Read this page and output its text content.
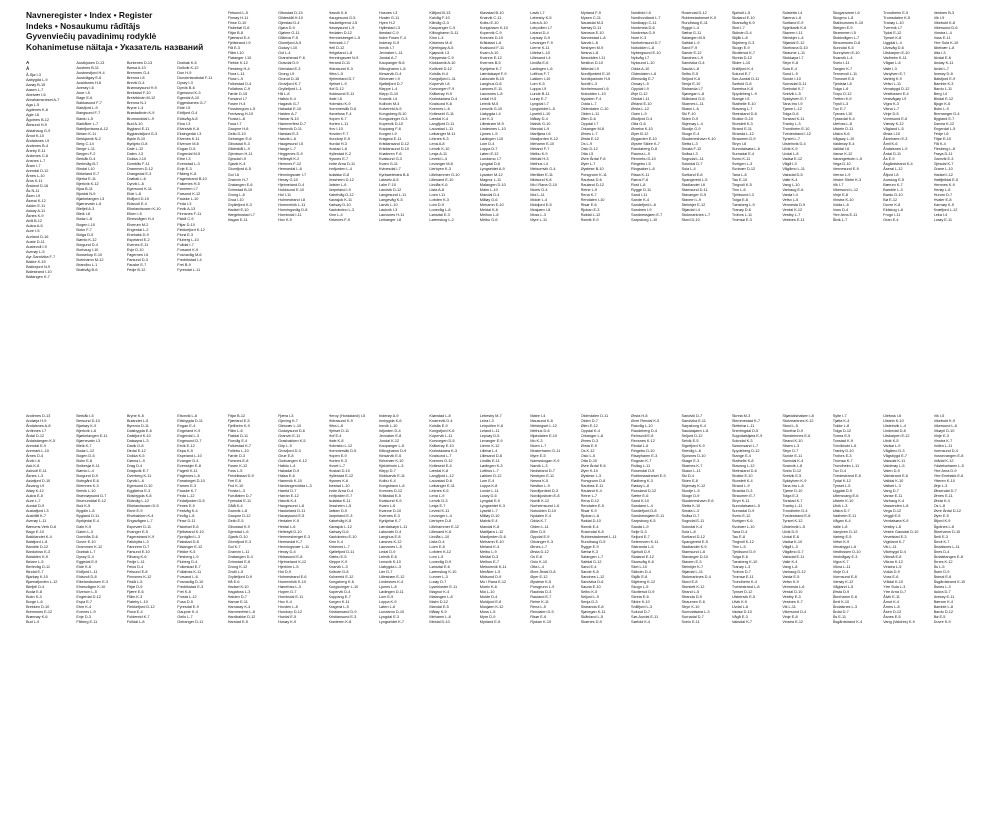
Navneregister • Index • Register
Indeks • Nosaukumu rādītājs
Gyvenviečių pavadinimų rodyklė
Kohanimetuse näitaja • Указатель названий
A
Å
Å-Sjø I-3
Aabygda L-9
Aarøy B-15
Aasen L-7
Abelvær I-6
Abrahamsneset A-7
Aga L-5
Agdenes K-6
Agle I-6
Ågotnes B-12
Ålesund H-9
Alstahaug G-9
Åmot K-10
Åndalsnes I-9
Andenes B-4
Åneby E-11
Ankenes C-6
Ansnes L-7
Åram I-7
Arendal D-12
Årnes L-10
Åros K-11
Årsland D-16
Ås N-11
Åsen I-9
Åseral K-12
Askim E-11
Askøy A-11
Åsnes K-9
Atrå B-12
Aukra A-5
Aure I-5
Aurland D-16
Auste D-11
Austevoll I-9
Averøy L-5
Ayr-Sandvika F-7
Bakke K-15
Bakkejord N-9
Balestrand I-10
Ballangen K-7
Austkjosen D-13
Austnes B-11
Austnesfjord H-4
Austvågøy E-6
Avaldsnes H-6
Averøy I-6
Aure I-5
Bagn E-6
Bakkasund F-7
Balsfjord L-9
Bangsund F-7
Bardu L-5
Barkåker L-7
Batnfjordsøra A-12
Beiarn K-11
Bekkjarvik N-2
Berg C-14
Berge L-11
Bergen F-2
Berkåk D-4
Berlevåg B-7
Bindal I-10
Birkeland E-7
Bjerka E-11
Bjerkvik K-12
Bjoa B-11
Bjordal N-9
Bjørkelangen I-3
Bjørnevatn L-6
Blefjell A-3
Bleik I-8
Bodø L-8
Bogen I-10
Bokn F-7
Bolga D-5
Bømlo K-12
Borgund D-4
Borhaug I-10
Bossekop E-10
Botnhamn M-12
Brandbu L-1
Brattvåg B-6
Borkenes D-13
Børsa A-10
Bremnes G-4
Brenna I-8
Brevik D-4
Brønnøysund H-9
Brekstad F-10
Breivikbotn M-12
Brenna N-1
Bryne L-4
Brøstadbotn K-9
Brumunddal L-9
Bud A-10
Bygland E-11
Byglandsfjord G-3
Bykle B-10
Byrkjelo D-8
Dale L-12
Dalen J-3
Dokka J-10
Dombås F-11
Drammen D-12
Drangedal E-3
Drøbak L-6
Dyrvik L-6
Egersund K-11
Eide L-8
Eidfjord D-15
Eidsvoll E-4
Eikelandsosen K-10
Eiken I-5
Elnesvågen H-4
Elverum M-2
Engerdal L-2
Enebakk D-9
Espeland E-2
Evenes E-11
Evje D-10
Fagernes I-6
Farsund D-3
Fauske E-7
Fedje B-12
Drøbak K-5
Dulkvik K-12
Dun H-9
Dunderlandsdal F-11
Dyrøy I-3
Dyrvik B-6
Egersund K-3
Egerdal A-10
Eggesbønes G-7
Eide I-5
Eidfjord G-4
Eidsvåg A-8
Eina I-3
Eivindvik K-6
Eksingedal I-3
Elvenes K-11
Elverum M-8
Engan D-5
Engerdal M-5
Etne I-3
Evenstad L-3
Evje E-3
Fåberg K-8
Fagerstrand B-10
Falkenes H-5
Fannrem I-7
Farsund K-12
Fauske L-10
Feda I-3
Fevik A-13
Finnsnes F-11
Fiskå C-9
Fitjar D-10
Flekkefjord K-12
Florø E-3
Fluberg L-10
Folldal I-7
Forsand K-9
Fosnavåg M-6
Fredrikstad I-4
Frei B-9
Fyresdal L-11
Fetsund L-5
Finnøy H-11
Finse D-10
Fiskebøl G-6
Fitjar B-8
Fjærland E-4
Fjellstrand I-9
Flå E-3
Flåm I-10
Flatanger I-10
Flekke K-12
Flesberg H-4
Flora L-11
Florø L-9
Folkestad D-4
Follafoss C-9
Førde D-15
Forsand I-7
Fosen H-4
Fossbergom L-5
Fredvang H-10
Frosta L-8
Fusa I-7
Gaupne H-8
Geilo D-10
Geiranger E-6
Gibostad K-3
Gildeskål L-9
Gjerdrum H-11
Gjesdal I-9
Gjøvik K-4
Glomfjord A-5
Gol I-6
Granvin H-7
Gratangen E-6
Grimstad B-10
Grong L-6
Grua I-10
Gryllefjord K-3
Hadsel E-10
Hægebostad I-7
Hagan E-11
Gibostad D-13
Gildeskål H-10
Gjerstad D-4
Gjøra D-9
Gjølme G-11
Glåmos F-5
Glomfjord A-5
Godøy I-10
Gol L-4
Gransherad F-6
Gravdal D-9
Grimstad E-3
Grong I-9
Grorud D-15
Grovfjord K-7
Gryllefjord L-1
Hå L-8
Hafslo K-4
Hagavik G-7
Hakadal E-10
Halden A-7
Hamar N-10
Hammerfest D-7
Hamnvik D-11
Harstad E-3
Hasvik L-6
Haugesund I-5
Hauge L-7
Heggenes D-9
Hellesylt K-2
Hemnes F-12
Hemsedal L-6
Henningsvær I-7
Herøy G-10
Hjelmeland D-4
Hokksund E-10
Hol I-11
Holmestrand I-8
Hommelvik L-11
Honningsvåg D-8
Hornindal I-11
Hov K-9
Hasvik K-6
Haugesund G-5
Haukeligrend J-5
Havøysund L-9
Hedalen D-12
Hemnesberget L-5
Heimdal J-7
Hell D-12
Helgeland L-8
Henningsvær N-9
Herand D-11
Hidrasund K-3
Hitra L-5
Hjelmeland D-7
Hjelset L-9
Hof D-12
Hokksund E-11
Høle I-6
Holmsbu K-9
Hommersåk D-6
Hønefoss F-4
Hopen K-7
Horten L-11
Hov I-10
Hovden F-7
Hundorp E-5
Hurdal H-3
Hustad L-6
Hyllestad K-2
Hysnes E-7
Indre Arna D-11
Innfjorden L-4
Isdalstø G-8
Jessheim D-12
Jølster L-6
Jørpeland I-9
Kabelvåg D-12
Karasjok K-11
Karlsøy D-10
Kautokeino L-3
Kinn L-4
Kirkenes F-9
Husnes I-3
Hvaler G-11
Hyen H-2
Hyllestad I-3
Ibestad C-9
Indre Fosen F-4
Inderøy G-9
Innvik I-7
Jevnaker L-11
Jondal A-7
Kaupanger B-6
Kilboghamn L-8
Kinsarvik D-4
Kirkenær I-9
Kjøllefjord D-7
Kleppe L-4
Klepp G-10
Knarvik I-4
Kolbotn M-4
Kolvereid A-9
Kongsberg B-10
Kongsvinger G-3
Kopervik D-10
Koppang F-6
Korgen I-9
Kragerø E-11
Kristiansand D-12
Kristiansund D-10
Krøderen F-6
Kvalsund G-3
Kvam G-11
Kvinesdal I-7
Kyrksæterøra B-6
Lakselv A-5
Lalm F-10
Landvik D-12
Langesund L-11
Langevåg K-5
Larvik L-10
Laukvik I-3
Lauvsnes H-11
Leikanger I-8
Kåfjord B-13
Kalvåg F-10
Kårvåg G-3
Kaupanger C-9
Kilboghamn D-11
Kinn L-4
Kirkenes M-8
Kjerringøy A-5
Kjøpsvik I-3
Kleppestø C-9
Klokkarvik A-10
Kolltveit D-12
Kolsås H-4
Kongsfjord L-11
Kopervik I-8
Korsvegen F-9
Kråkerøy H-9
Krokstadøra D-4
Kvalsund K-6
Kvernes L-6
Kviteseid G-11
Lærdal K-4
Langfjord D-11
Lauvstad L-11
Leikanger M-11
Leknes K-3
Lena A-8
Lenvik K-10
Lesja A-11
Leveld L-4
Levanger M-8
Lierbyen K-3
Lillehammer G-10
Lillesand E-10
Lindås K-6
Lista A-8
Loen I-11
Lofoten K-3
Lom D-9
Lonevåg L-8
Lønsdal E-3
Lørenskog L-2
Kløvstad B-10
Knarvik C-11
Kolbu E-10
Kongshavn K-10
Kopervik C-9
Korsnes D-10
Kråkstad L-6
Kvalsund F-11
Kvam A-10
Kvanne E-12
Kvernes B-5
Kyrkjebø K-7
Lærdalsøyri F-9
Laksvatn B-10
Langhus D-8
Larsnes E-11
Lauvsnes L-8
Ledal H-5
Leirvik M-5
Lensvik G-10
Liabygda I-4
Lier K-3
Lillestrøm M-9
Lindesnes L-10
Ljones L-5
Lødingen I-10
Lom D-4
Loppa D-7
Løten E-12
Lundamo I-7
Lyngdal D-6
Lyngseidet A-9
Lysaker M-12
Magnor L-11
Malangen D-10
Malm L-10
Mandal D-4
Måløy G-6
Mehamn E-10
Meldal K-6
Melhus L-8
Melbu G-6
Lavik I-7
Lebesby K-5
Leira A-10
Leirpollen I-7
Leland D-4
Lepsøy G-9
Levanger F-9
Lierne K-11
Lillebø L-10
Lillesand I-4
Lindås E-6
Lødingen L-6
Lofthus F-7
Løkken I-10
Lom K-5
Loppa I-9
Lunde B-11
Lurøy E-7
Lyngdal I-7
Lyngseidet L-5
Lysekil L-10
Måløy D-4
Malvik G-10
Mandal L-9
Marifjøra I-6
Masfjorden K-12
Mehamn E-10
Meland F-7
Melbu K-9
Meldal H-3
Melhus I-4
Melsomvik G-4
Meråker E-11
Midsund K-8
Mo i Rana G-10
Moelv D-4
Moi L-11
Molde L-4
Moldjord E-5
Mosjøen I-8
Moss L-3
Myre L-11
Myrland F-9
Mysen C-11
Naustdal M-3
Nærøy D-11
Namsos E-10
Nannestad L-8
Narvik L-8
Nesbyen M-9
Nesna L-8
Nesodden I-11
Nesttun D-10
Nittedal I-9
Nordfjordeid E-10
Nordkjosbotn H-5
Nordli L-3
Norheimsund I-6
Notodden L-10
Nydalen F-4
Odda L-7
Olderdalen C-10
Olden L-11
Ølen D-6
Oppdal I-7
Orkanger M-8
Ørnes L-7
Ørsta E-12
Os L-9
Oslo D-12
Otta I-5
Øvre Årdal F-6
Øyer L-7
Øystese B-10
Porsgrunn K-11
Raufoss D-6
Rauland D-12
Reine L-9
Rena K-7
Rendalen I-10
Risør E-6
Rjukan E-3
Røldal L-12
Rørvik E-9
Nordfold I-6
Nordhordland L-7
Nordkapp C-11
Nordmela D-6
Nordreisa G-9
Nore K-3
Norheimsund D-7
Notodden L-8
Nybergsund E-10
Nykvåg I-7
Nyksund L-10
Odda A-10
Olderdalen L-6
Ølensvåg E-7
Onsøy L-5
Oppdal I-9
Ørje D-12
Orkdal I-11
Ørland E-10
Ørsta L-12
Osen L-9
Øksfjord D-4
Otta G-6
Øvrebø K-10
Øyer B-12
Øygarden E-10
Øystre Slidre K-7
Randaberg D-8
Rauma L-9
Rennebu D-10
Ringebu I-5
Ringsaker L-8
Rissa K-11
Røros F-6
Rost L-8
Rygge D-11
Sand I-11
Sande K-4
Sandefjord L-6
Sandnes I-9
Sandnessjøen E-7
Sarpsborg L-10
Rosendal D-12
Rubbestadneset K-9
Rundhaug E-11
Rygge L-4
Sæbø G-11
Salangen M-5
Saltdal L-9
Sand F-9
Sande E-12
Sandnes L-9
Sandvika G-4
Sauda L-8
Selbu E-5
Seljord K-6
Senja E-10
Sistranda I-7
Sjøvegan L-8
Skånland D-5
Skarnes L-11
Skaun L-6
Ski F-10
Skien D-9
Skjervøy L-4
Skodje G-9
Skogn E-4
Skudeneshavn K-10
Sletta L-3
Smøla F-12
Snåsa I-3
Sogndal L-11
Sokndal D-7
Sola L-4
Sortland E-8
Spangereid L-5
Stadlandet I-6
Stamsund D-11
Stavanger G-5
Stavern L-9
Steinkjer E-12
Stjørdal I-4
Stokmarknes L-7
Stord D-10
Sjøholt L-5
Skaland E-10
Skarsvåg K-9
Skei I-7
Skibotn D-4
Skjåk L-8
Skjeberg G-3
Skogn E-9
Skotterud K-7
Skreia D-12
Slidre L-10
Snillfjord K-4
Solund E-7
Sør-Aurdal D-11
Sørfold G-8
Sørreisa K-6
Spydeberg L-9
Stange I-5
Stathelle E-10
Stavang L-7
Steinsland D-8
Stokke G-10
Storslett K-3
Strand E-11
Stranda L-12
Straumen D-9
Stryn I-8
Sunndalsøra L-6
Surnadal E-4
Sveio K-11
Svelgen L-3
Svolvær D-12
Tana L-8
Tau E-10
Tingvoll K-5
Tinn L-6
Tjeldsund I-3
Tolga E-8
Tønsberg L-9
Tranøy D-6
Trofors L-11
Tromsø E-3
Solsletta I-4
Sømna L-6
Sortland E-9
Spjelkavik K-6
Stavern I-11
Steinkjer L-4
Stjørdal E-12
Storfosna D-10
Straume L-11
Stokkøya I-7
Stryn K-8
Sula E-4
Sund L-9
Sunde I-10
Surnadal D-11
Sveindal K-7
Svelvik L-5
Sykkylven E-7
Tana bru I-9
Tjøme L-12
Tolga D-6
Tonstad K-11
Tranby L-3
Trondheim E-10
Tvedestrand I-12
Tynset L-7
Ulsteinvik D-4
Ulvik K-9
Uvdal L-8
Vadsø E-12
Vågå I-3
Vågåmo L-11
Vaksdal D-5
Valle K-4
Vang L-10
Varhaug E-6
Vardø I-4
Vefsn L-5
Vennesla D-9
Verdal K-12
Vestby L-7
Vestnes E-11
Skoganvarre I-6
Skogmo L-8
Stabbursnes K-10
Steigen E-9
Strømmen I-5
Stokkvågen L-7
Straumsnes D-8
Sunndal K-5
Sunnylven E-10
Svanvik L-4
Sveio I-11
Tangen K-7
Tennevoll L-11
Tinnoset E-5
Tjeldstø I-8
Tolga L-6
Torpo D-12
Tretten K-9
Trysil L-3
Tuv E-7
Tysnes I-10
Tyssedal K-4
Ulefoss L-8
Ulstein D-11
Utsira K-6
Vågsøy L-10
Valderøy E-4
Valldal I-6
Vanse K-12
Varangerbotn L-5
Vega D-10
Vennesund E-9
Verran L-9
Vestre Slidre K-3
Vik I-7
Vikersund L-12
Vinje E-8
Vinstra K-10
Volda L-6
Voss D-4
Ytre Arna E-11
Ålvik L-7
Trondheim E-9
Tromsdalen K-5
Tranøy L-10
Tverrvik I-7
Tydal E-12
Tynset K-8
Uggdal L-4
Ulvsvåg D-6
Utskarpen E-10
Vadheim K-11
Vågan L-6
Valle I-3
Vanylven E-7
Varteig K-9
Vefsn L-11
Venabygd D-12
Vestfossen E-4
Vestvågøy I-9
Vigra K-3
Vikna L-7
Vinje D-5
Vormsund E-6
Værøy K-12
Vågland L-5
Ørsta I-10
Åkrehamn E-3
Åmli K-6
Åndalsnes L-9
Årdal D-11
Ås E-9
Åsgårdstrand K-4
Åseral L-12
Åfjord I-8
Aurskog E-5
Bærum K-7
Bamble L-3
Bardu D-10
Bø E-12
Dovre K-8
Eidskog L-6
Frogn I-11
Gran E-4
Vestnes B-3
Vik I-9
Vikebukt K-8
Vikersund D-6
Vinstra L-4
Voss E-11
Ytre Sula K-10
Abelvær L-8
Alta I-3
Alvdal E-6
Andøy K-11
Ardal L-7
Averøy D-8
Balsfjord E-9
Bamble K-3
Bardu L-11
Berg I-4
Bindal E-12
Bjugn K-6
Bokn L-9
Bremanger D-4
Bygland E-7
Dønna K-12
Engerdal L-5
Fedje I-6
Fitjar E-10
Flå K-4
Flesberg L-8
Frøya D-11
Gamvik E-3
Gjesdal K-7
Grane L-10
Hadsel I-12
Hattfjelldal E-5
Hemnes K-9
Herøy L-6
Hurum D-7
Hvaler E-8
Karmøy K-5
Kvæfjord L-12
Leka I-4
Lurøy E-11
Andenes D-13
Andørja H-9
Åndalsnes A-8
Anfinnes I-7
Årdal D-12
Årdalstangen K-5
Arendal E-9
Aremark L-10
Årnes D-4
Årvik I-6
Ask K-8
Askvoll E-11
Åsnes L-3
Astafjord D-10
Åsvang I-9
Atløy K-12
Aukra E-5
Aure L-7
Aurdal D-9
Austafjord I-3
Austrått K-7
Averøy L-11
Bærums Verk D-6
Bagn E-10
Bakklandet K-4
Balsfjord L-8
Bamble D-12
Bardufoss E-3
Batalden K-9
Beiarn L-5
Berlevåg D-11
Bindal E-7
Bjarkøy K-10
Bjørnafjorden L-12
Blefjell D-4
Bodø E-8
Bokn K-3
Borge L-6
Brekken D-10
Bremsnes E-12
Brønnøy K-6
Bud L-9
Berkåk I-5
Bersund D-10
Bjarkøy K-9
Bjerkvik L-6
Bjørkelangen E-11
Bjørnevatn I-3
Bleik K-7
Bodø L-12
Bogen D-5
Bokn E-8
Bolkesjø K-11
Bømlo L-4
Borgund D-9
Botngård E-6
Bremnes K-3
Brevik L-10
Brønnøysund D-7
Brumunddal E-12
Bud K-5
Bygdin L-8
Bygland D-11
Byrkjedal E-4
Dale K-9
Dalen L-3
Dombås D-6
Dovre E-10
Drammen K-12
Drøbak L-7
Dyrøy D-4
Eggedal E-9
Eide K-6
Eidfjord L-11
Eidsvoll D-8
Eikelandsosen E-3
Elnesvågen K-10
Elverum L-5
Engerdal D-12
Espa E-7
Etne K-4
Evenes L-9
Evje D-3
Fåberg E-11
Bryne K-8
Bulandet L-5
Byremo D-11
Dalsbygda E-6
Dalsfjord K-10
Dalsøyra L-3
Davik D-8
Dirdal E-12
Dokka K-5
Dønna L-9
Drag D-4
Dragsvik E-7
Dverberg K-11
Dyrvik L-6
Egersund D-10
Eggkleiva E-3
Eidsbygda K-8
Eidsvåg L-12
Eikelandsosen D-5
Ekne E-9
Elvebakken K-4
Engavågen L-7
Espevær D-11
Evanger E-5
Fagerstrand K-9
Falkhytta L-3
Fannrem D-7
Farsund E-10
Fåvang K-6
Fedje L-11
Feios D-4
Fetsund E-8
Finnsnes K-12
Fiskå L-5
Fitjar D-9
Fjære E-6
Flåm K-3
Flateby L-10
Flekkefjord D-12
Florø E-4
Foldereid K-7
Folldal L-8
Eltonvik L-6
Eltsbygda D-11
Engan E-4
Engeland K-9
Engerdal L-3
Engesund D-7
Ervik E-12
Espa K-5
Espeland L-10
Evanger D-4
Evenskjer E-8
Fagerli K-11
Fagernes L-6
Fanatorget D-10
Farnes E-3
Fauske K-7
Feda L-12
Fedafjorden D-5
Fenes E-9
Festvåg K-4
Fevåg L-8
Finse D-11
Fiskebøl E-6
Fjellstrand K-10
Fjordgård L-3
Flakstad D-8
Flatanger E-12
Flekke K-5
Flesberg L-9
Fluberg D-4
Folkestad E-7
Follafoss K-11
Forsand L-6
Fosnavåg D-10
Fredrikstad E-3
Frei K-8
Frosta L-12
Fusa D-5
Fyresdal E-9
Gaupne K-4
Geilo L-7
Geiranger D-11
Fitjar B-12
Fjærland E-5
Fjellheim K-9
Flåm L-6
Flatdal D-11
Florvåg E-4
Folkestad K-7
Follebu L-10
Førde D-3
Forsnes E-8
Fosen K-12
Foss L-5
Fredrikstad D-9
Frei E-6
Frol K-10
Frosta L-3
Furuflaten D-7
Fyresdal E-11
Gålå K-4
Gamvik L-8
Gaupne D-12
Geilo E-5
Gibostad K-9
Gjerstad L-6
Gjøvik D-10
Glomfjord E-3
Gol K-7
Granvin L-11
Gratangen D-4
Grimstad E-8
Grong K-12
Grotli L-5
Gryllefjord D-9
Hå E-6
Hadsel K-10
Hagafoss L-3
Halden D-7
Hamar E-11
Hamarøy K-4
Hammerfest L-8
Hardbakke D-12
Harstad E-5
Fjæra I-3
Gjeving K-7
Glesvær L-10
Godøysund D-6
Granvin E-11
Grasbakken K-5
Grip L-9
Grovfjord D-3
Grue E-8
Gudvangen K-12
Hafslo L-4
Hakadal D-9
Halsa E-6
Hamnvik K-10
Hardangervidda L-3
Hareid D-7
Harran E-12
Hasvik K-4
Haugesund L-8
Haukeland D-11
Havøysund E-5
Hedalen K-9
Heidal L-6
Hellesylt D-10
Hemnesberget E-3
Hemsedal K-7
Henningsvær L-11
Herøy D-4
Hidrasund E-8
Hjelmeland K-12
Hjerkinn L-5
Hol D-9
Holmestrand E-6
Hommelvik K-10
Hønefoss L-3
Hopen D-7
Hornindal E-11
Hov K-4
Hovden L-8
Hundorp D-12
Hurdal E-5
Husøy K-9
Heroy (Hordaland) I-5
Hidrasund K-9
Hitra L-6
Hjelset D-11
Hof E-4
Høle K-8
Holmsbu L-12
Hommersåk D-5
Hopen E-9
Horten K-3
Hovet L-7
Hustad D-10
Hyllestad E-12
Hysnes K-6
Ibestad L-10
Indre Arna D-4
Innfjorden E-7
Isdalstø K-11
Jessheim L-5
Jølster D-9
Jørpeland E-3
Kabelvåg K-8
Karasjok L-12
Karlsøy D-6
Kautokeino E-10
Kinn K-4
Kirkenes L-7
Kjøllefjord D-11
Klæbu E-5
Kleppe K-9
Knarvik L-3
Kolbotn D-8
Kolvereid E-12
Kongsberg K-6
Kongsvinger L-10
Kopervik D-4
Koppang E-7
Korgen K-11
Kragerø L-5
Kristiansand D-9
Kristiansund E-3
Krøderen K-8
Inderøy A-9
Innbygda K-6
Innvik L-10
Isfjorden D-4
Jevnaker E-8
Jondal K-12
Kaupanger L-5
Kilboghamn D-9
Kinsarvik E-6
Kirkenær K-10
Kjeldebotn L-3
Klepp D-7
Klokkarvik E-11
Kolbu K-4
Kongshavn L-8
Korsnes D-12
Kråkstad E-5
Kvalsund K-9
Kvam L-6
Kvanne D-10
Kvernes E-3
Kyrkjebø K-7
Lærdalsøyri L-11
Laksvatn D-4
Langhus E-8
Larsnes K-12
Lauvsnes L-5
Ledal D-9
Leirvik E-6
Lensvik K-10
Liabygda L-3
Lier D-7
Lillestrøm E-12
Lindesnes K-4
Ljones L-8
Lødingen D-11
Lom E-5
Loppa K-9
Løten L-6
Lundamo D-10
Lyngdal E-3
Lyngseidet K-7
Kløvstad L-8
Knarrevik D-4
Kolsås E-9
Kongsfjord K-6
Kopervik L-11
Korsvegen D-5
Kråkerøy E-10
Krokstadøra K-3
Kvalsund L-7
Kvernes D-12
Kviteseid E-4
Lærdal K-8
Langfjord L-12
Lauvstad D-6
Leikanger E-11
Leknes K-5
Lena L-9
Lenvik D-3
Lesja E-7
Leveld K-11
Levanger L-4
Lierbyen D-8
Lillehammer E-12
Lillesand K-6
Lindås L-10
Lista D-4
Loen E-8
Lofoten K-12
Lom L-5
Lonevåg D-9
Lønsdal E-6
Lørenskog K-10
Lunner L-3
Lurøy D-7
Lysekloster E-11
Magnor K-4
Malangen L-8
Malm D-12
Mandal E-5
Måløy K-9
Mehamn L-6
Meldal D-10
Lebesby M-7
Leira I-3
Leirpollen K-6
Leland L-11
Lepsøy D-5
Levanger E-9
Lierne K-12
Lillebø L-4
Lillesand D-8
Lindås E-11
Lødingen K-3
Lofthus L-7
Løkken D-12
Lom E-4
Loppa K-8
Lunde L-11
Lurøy D-5
Lyngdal E-9
Lyngseidet K-3
Lysekil L-7
Måløy D-10
Malvik E-4
Mandal K-8
Marifjøra L-12
Masfjorden D-6
Mehamn E-10
Meland K-4
Melbu L-9
Meldal D-3
Melhus E-7
Melsomvik K-11
Meråker L-5
Midsund D-9
Mo i Rana E-12
Moelv K-6
Moi L-10
Molde D-4
Moldjord E-8
Mosjøen K-12
Moss L-5
Myre D-9
Myrland E-6
Matre I-4
Mausund K-8
Meisingset L-12
Melhus D-6
Mjøndalen E-10
Mo K-3
Moen L-7
Mosterhamn D-11
Myre E-5
Namsskogan K-9
Narvik L-3
Nedstrand D-7
Nesbyen E-11
Nesna K-5
Nesttun L-9
Nordfjordeid D-3
Nordkjosbotn E-8
Nordli K-12
Norheimsund L-6
Notodden D-10
Nydalen E-4
Odda K-7
Olden L-11
Ølen D-5
Oppdal E-9
Orkanger K-3
Ørnes L-7
Ørsta D-12
Os E-6
Oslo K-10
Otta L-4
Øvre Årdal D-8
Øyer E-12
Øystese K-5
Porsgrunn L-9
Raufoss D-3
Rauland E-7
Reine K-11
Rena L-5
Rendalen D-9
Risør E-6
Rjukan K-10
Olderdalen D-11
Olden D-7
Ølen E-12
Oppdal K-4
Orkanger L-8
Ørnes D-3
Ørsta E-9
Os K-12
Oslo L-5
Otta D-10
Øvre Årdal E-6
Øyer K-10
Øystese L-3
Porsgrunn D-8
Raufoss E-11
Rauland K-4
Reine L-7
Rena D-12
Rendalen E-5
Risør K-9
Rjukan L-6
Røldal D-10
Rørvik E-4
Rosendal K-8
Rubbestadneset L-11
Rundhaug D-5
Rygge E-9
Sæbø K-3
Salangen L-7
Saltdal D-12
Sand E-4
Sande K-8
Sandnes L-12
Sandvika D-6
Sauda E-10
Selbu K-5
Seljord L-9
Senja D-3
Sistranda E-8
Sjøvegan K-11
Skånland L-5
Skarnes D-9
Ørsta H-8
Øvre Rendal K-5
Rasvåg L-10
Raudeberg D-4
Reinsvoll E-8
Revsnes K-12
Rindal L-6
Ringebu D-10
Risøyhamn E-3
Rognan K-7
Rollag L-11
Rosendal D-5
Rubbestadneset E-9
Rødberg K-3
Rødøy L-8
Rossland D-12
Sætre E-6
Sand K-10
Sandane L-4
Sandefjord D-8
Sandnessjøen E-11
Sarpsborg K-5
Sauda L-9
Selje D-3
Seljord E-7
Setermoen K-11
Sistranda L-5
Sjøholt D-9
Skaland E-12
Skarsvåg K-6
Skei L-10
Skibotn D-4
Skjåk E-8
Skjeberg K-12
Skogn L-5
Skotterud D-9
Skreia E-6
Slidre K-10
Snillfjord L-3
Solund D-7
Sør-Aurdal E-11
Sørfold K-4
Sandvik D-7
Sandvika E-11
Sarpsborg K-4
Saudasjøen L-8
Seljord D-12
Selvik E-5
Sigerfjord K-9
Sirevåg L-6
Sjursnes D-10
Skage E-3
Skarnes K-7
Skaun L-11
Ski D-4
Skien E-8
Skjervøy K-12
Skodje L-5
Skogn D-9
Skudeneshavn E-6
Sletta K-10
Smøla L-3
Snåsa D-7
Sogndal E-11
Sokndal K-4
Sola L-8
Sortland D-12
Spangereid E-5
Stadlandet K-9
Stamsund L-6
Stavanger D-10
Stavern E-3
Steinkjer K-7
Stjørdal L-11
Stokmarknes D-4
Stord E-8
Storslett K-12
Strand L-5
Stranda D-9
Straumen E-6
Stryn K-10
Sunndalsøra L-3
Surnadal D-7
Sveio E-11
Skreia M-3
Slemmestad K-7
Slettebø L-11
Snertingdal D-5
Sogndalsfjøra E-9
Sokndal K-3
Sørumsand L-7
Spydeberg D-12
Stange E-4
Stathelle K-8
Stavang L-12
Steinsland D-6
Stokke E-10
Storslett K-4
Strand L-9
Stranda D-3
Straumen E-7
Stryn K-11
Sunndalsøra L-5
Surnadal D-9
Sveio E-12
Svelgen K-6
Svolvær L-10
Tana D-4
Tau E-8
Tingvoll K-12
Tinn L-5
Tjeldsund D-9
Tolga E-6
Tønsberg K-10
Tranøy L-3
Trofors D-7
Tromsø E-11
Trondheim K-4
Tvedestrand L-8
Tynset D-12
Ulsteinvik E-5
Ulvik K-9
Uvdal L-6
Vadsø D-10
Vågå E-3
Vaksdal K-7
Stjørdalshalsen I-8
Stokmarknes K-12
Stord L-5
Storebø D-9
Storsteinnes E-6
Strand K-10
Strøm L-3
Stryn D-7
Sunde E-11
Sunndal K-4
Svanvik L-8
Sveio D-12
Svelvik E-5
Sykkylven K-9
Tana bru L-6
Tjøme D-10
Tolga E-3
Tonstad K-7
Tranby L-11
Trondheim D-4
Tvedestrand E-8
Tynset K-12
Ulsteinvik L-5
Ulvik D-9
Uvdal E-6
Vadsø K-10
Vågå L-3
Vågåmo D-7
Vaksdal E-11
Valle K-4
Vang L-8
Varhaug D-12
Vardø E-5
Vefsn K-9
Vennesla L-6
Verdal D-10
Vestby E-3
Vestnes K-7
Vik L-11
Vikersund D-4
Vinje E-8
Vinstra K-12
Sylte I-7
Tjøtta K-4
Tokke L-8
Tolga D-12
Tomra E-5
Tonstad K-9
Torvikbukt L-6
Tranby D-10
Trofors E-3
Tromsø K-7
Trondheim L-11
Tuv D-4
Tvedestrand E-8
Tydal K-12
Tynset L-5
Uggdal D-9
Ullensvang E-6
Ulstein K-10
Ulvik L-3
Utsira D-7
Vadheim E-11
Vågan K-4
Valle L-8
Vanylven D-12
Varteig E-5
Vefsn K-9
Venabygd L-6
Vestfossen D-10
Vestvågøy E-3
Vigra K-7
Vikna L-11
Vinje D-4
Vormsund E-8
Værøy K-12
Vågland L-5
Ørsta D-9
Åkrehamn E-6
Åmli K-10
Åndalsnes L-3
Årdal D-7
Ås E-11
Åsgårdstrand K-4
Ulefoss I-6
Ulstein K-10
Ulsteinvik L-4
Undredal D-8
Utskarpen E-12
Utvik K-5
Vadsø L-9
Vågåmo D-3
Vågsbygd E-7
Vaksdal K-11
Valderøy L-5
Valen D-9
Valestrand E-6
Valldal K-10
Vallset L-3
Vang D-7
Vanse E-11
Varhaug K-4
Vassenden L-8
Vega D-12
Veggli E-5
Verdalsøra K-9
Vestby L-6
Vestre Gausdal D-10
Vevelstad E-3
Vigeland K-7
Vik L-11
Vikebygd D-4
Vikeså E-8
Vikran K-12
Vinstra L-5
Volda D-9
Voss E-6
Vrådal K-10
Ytre Sula L-3
Ytre Arna D-7
Ålvik E-11
Åmot K-4
Årnes L-8
Åsen D-12
Åsnes E-5
Vang (Valdres) K-9
Vik I-5
Vikebukt K-9
Vikersund L-6
Vikøyri D-10
Vinje E-3
Vinstra K-7
Vollen L-11
Vormsund D-4
Vossevangen E-8
Vrådal K-12
Ydstebøhamn L-5
Ytre Arna D-9
Ytre Enebakk E-6
Ytteren K-10
Ørje L-3
Øksendal D-7
Ørnes E-11
Ørsta K-4
Os L-8
Øvre Årdal D-12
Øyer E-5
Åfjord K-9
Ågotnes L-6
Åkrehamn D-10
Åmli E-3
Åmot K-7
Åndalsnes L-11
Ånes D-4
Årdalstangen E-8
Årnes K-12
Ås L-5
Åsen D-9
Åseral E-6
Åsgårdstrand K-10
Åsnes L-3
Aukra D-7
Averøy E-11
Bærum K-4
Bamble L-8
Bardu D-12
Bø E-5
Dovre K-9
